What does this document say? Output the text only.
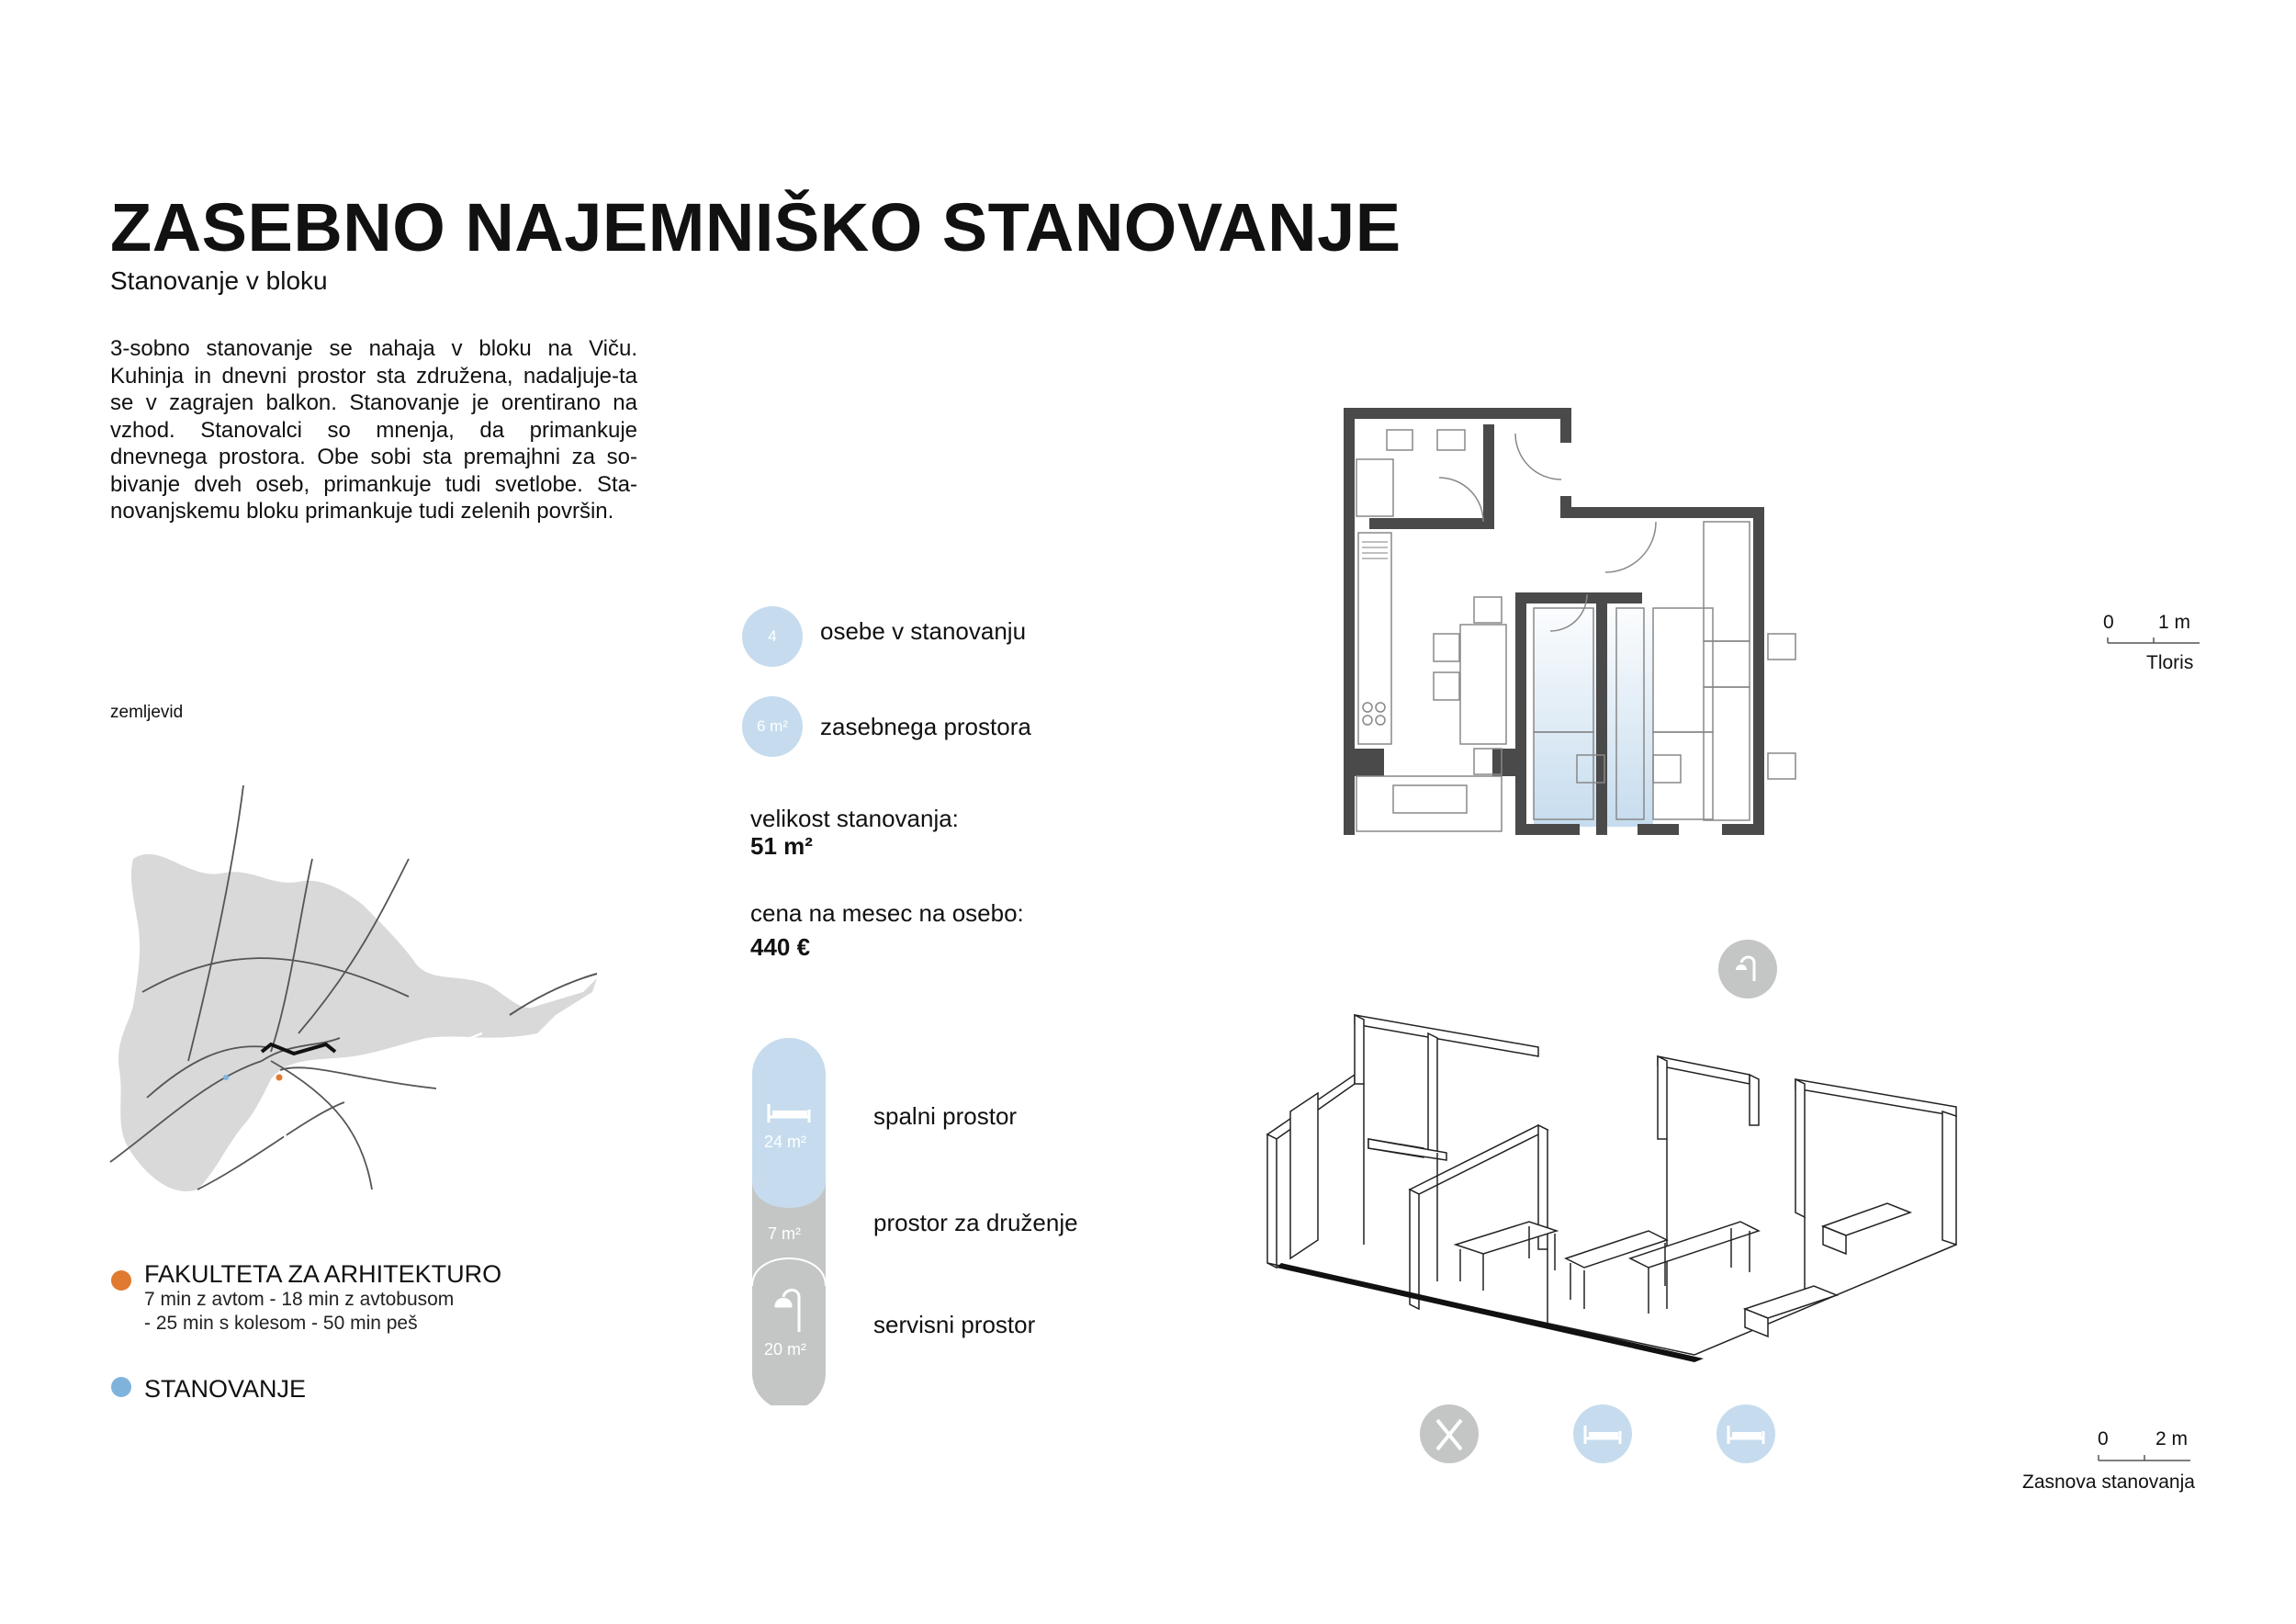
ZASEBNO NAJEMNIŠKO STANOVANJE
Stanovanje v bloku
3-sobno stanovanje se nahaja v bloku na Viču. Kuhinja in dnevni prostor sta združena, nadaljuje-ta se v zagrajen balkon. Stanovanje je orentirano na vzhod. Stanovalci so mnenja, da primankuje dnevnega prostora. Obe sobi sta premajhni za so-bivanje dveh oseb, primankuje tudi svetlobe. Sta-novanjskemu bloku primankuje tudi zelenih površin.
zemljevid
FAKULTETA ZA ARHITEKTURO
7 min z avtom - 18 min z avtobusom
- 25 min s kolesom - 50 min peš
STANOVANJE
4	osebe v stanovanju
6 m²	zasebnega prostora
velikost stanovanja:
51 m²
cena na mesec na osebo:
440 €
24 m²
7 m²
20 m²
spalni prostor
prostor za druženje
servisni prostor
0 1 m
Tloris
0 2 m
Zasnova stanovanja
